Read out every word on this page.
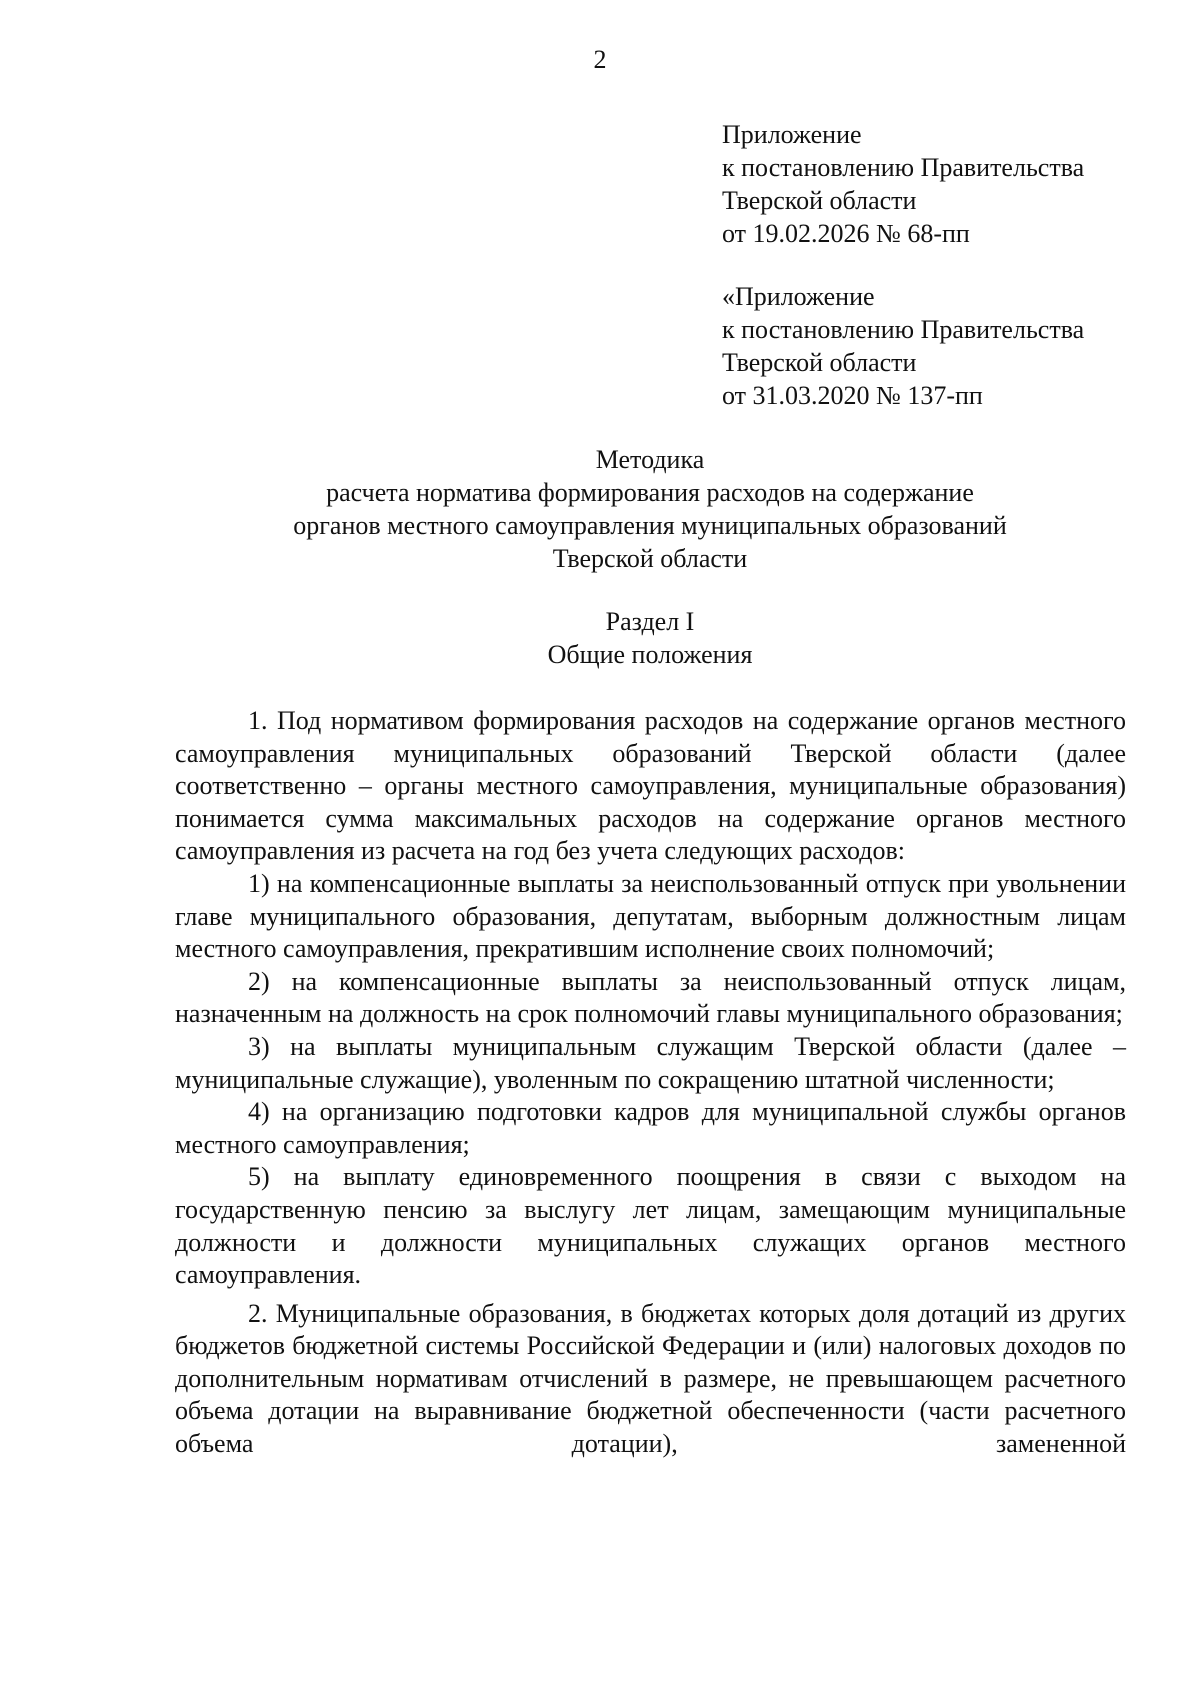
2
Приложение
к постановлению Правительства
Тверской области
от 19.02.2026 № 68-пп
«Приложение
к постановлению Правительства
Тверской области
от 31.03.2020 № 137-пп
Методика
расчета норматива формирования расходов на содержание
органов местного самоуправления муниципальных образований
Тверской области
Раздел I
Общие положения

1. Под нормативом формирования расходов на содержание органов местного самоуправления муниципальных образований Тверской области (далее соответственно – органы местного самоуправления, муниципальные образования) понимается сумма максимальных расходов на содержание органов местного самоуправления из расчета на год без учета следующих расходов:

1) на компенсационные выплаты за неиспользованный отпуск при увольнении главе муниципального образования, депутатам, выборным должностным лицам местного самоуправления, прекратившим исполнение своих полномочий;

2) на компенсационные выплаты за неиспользованный отпуск лицам, назначенным на должность на срок полномочий главы муниципального образования;

3) на выплаты муниципальным служащим Тверской области (далее – муниципальные служащие), уволенным по сокращению штатной численности;

4) на организацию подготовки кадров для муниципальной службы органов местного самоуправления;

5) на выплату единовременного поощрения в связи с выходом на государственную пенсию за выслугу лет лицам, замещающим муниципальные должности и должности муниципальных служащих органов местного самоуправления.

2. Муниципальные образования, в бюджетах которых доля дотаций из других бюджетов бюджетной системы Российской Федерации и (или) налоговых доходов по дополнительным нормативам отчислений в размере, не превышающем расчетного объема дотации на выравнивание бюджетной обеспеченности (части расчетного объема дотации), замененной
